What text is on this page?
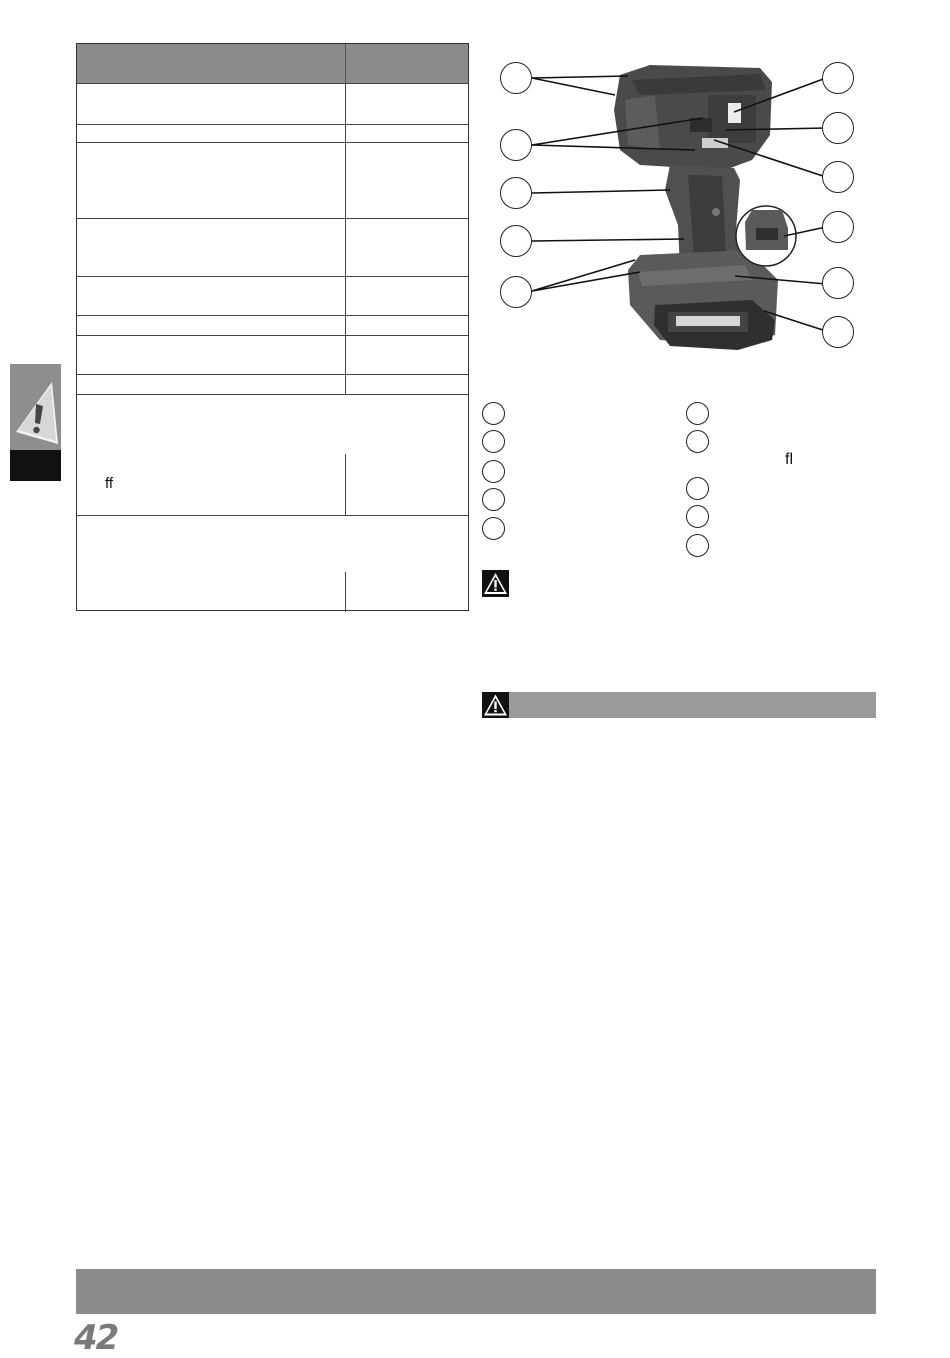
ff
fl
42
